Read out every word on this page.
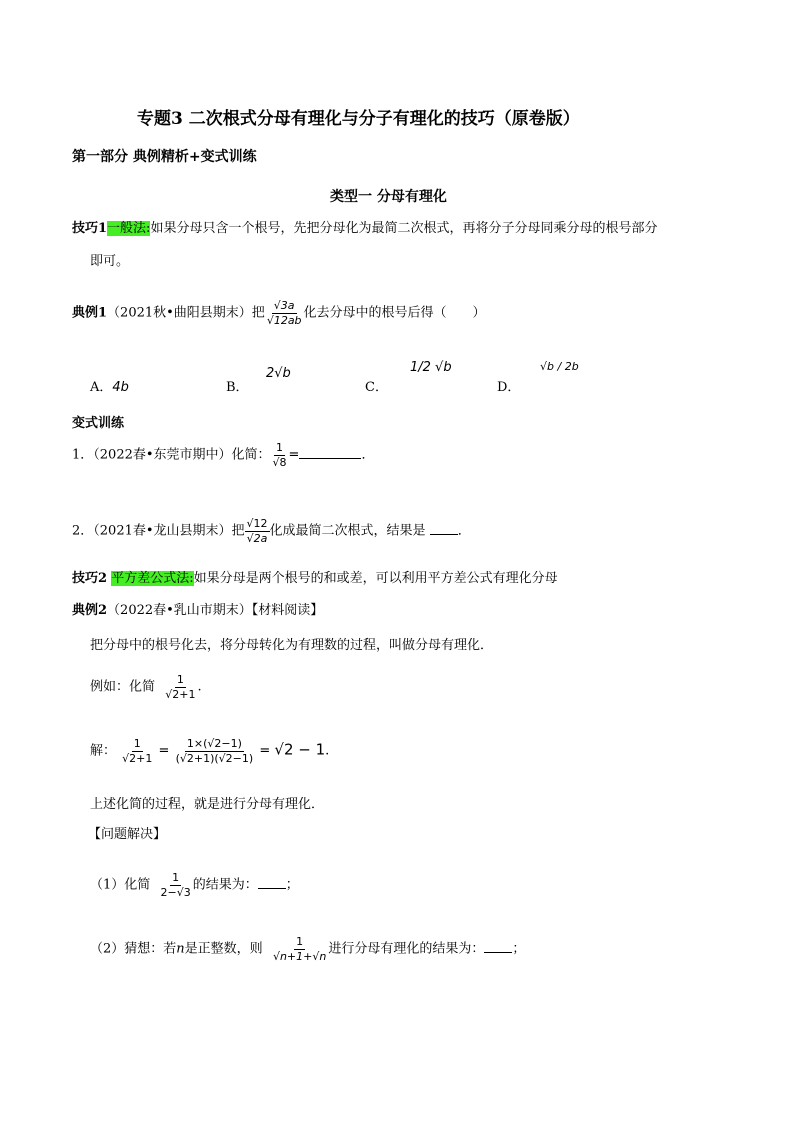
专题3 二次根式分母有理化与分子有理化的技巧（原卷版）
第一部分 典例精析+变式训练
类型一 分母有理化
技巧1一般法:如果分母只含一个根号，先把分母化为最简二次根式，再将分子分母同乘分母的根号部分
即可。
典例1（2021秋•曲阳县期末）把 $\frac{√3a}{√12ab}$ 化去分母中的根号后得（　　）
A．4b	B．
2√b
C．
1/2 √b
D．
√b / 2b
变式训练
1．（2022春•东莞市期中）化简： $\frac{1}{√8}$ =	．
2．（2021春•龙山县期末）把 $\frac{√12}{√2a}$ 化成最简二次根式，结果是 ．
技巧2 平方差公式法:如果分母是两个根号的和或差，可以利用平方差公式有理化分母
典例2（2022春•乳山市期末）【材料阅读】
把分母中的根号化去，将分母转化为有理数的过程，叫做分母有理化．
例如：化简 $\frac{1}{√2+1}$ .
解： $\frac{1}{√2+1} = \frac{1\times(√2-1)}{(√2+1)(√2-1)} = √2 - 1$.
上述化简的过程，就是进行分母有理化．
【问题解决】
（1）化简 $\frac{1}{2-√3}$ 的结果为： ；
（2）猜想：若n是正整数，则 $\frac{1}{√n+1+√n}$ 进行分母有理化的结果为： ；
